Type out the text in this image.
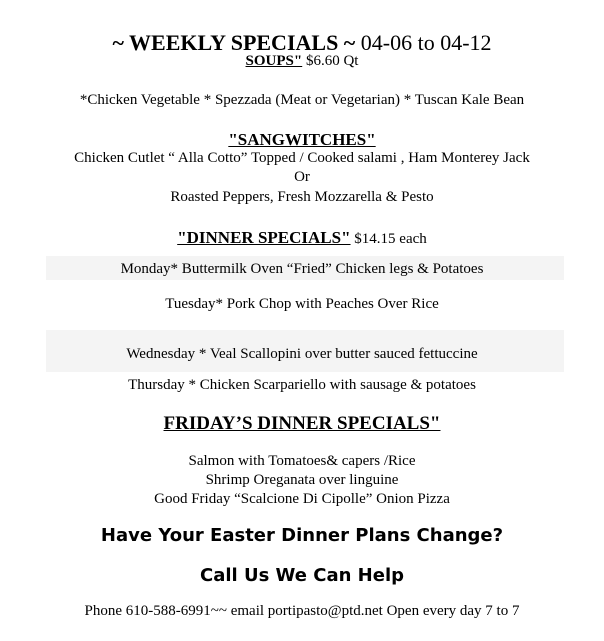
~ WEEKLY SPECIALS ~ 04-06 to 04-12
SOUPS" $6.60 Qt
*Chicken Vegetable * Spezzada (Meat or Vegetarian) * Tuscan Kale Bean
"SANGWITCHES"
Chicken Cutlet “ Alla Cotto” Topped / Cooked salami , Ham Monterey Jack
Or
Roasted Peppers, Fresh Mozzarella & Pesto
"DINNER SPECIALS" $14.15 each
Monday* Buttermilk Oven “Fried” Chicken legs & Potatoes
Tuesday* Pork Chop with Peaches Over Rice
Wednesday * Veal Scallopini over butter sauced fettuccine
Thursday * Chicken Scarpariello with sausage & potatoes
FRIDAY’S DINNER SPECIALS"
Salmon with Tomatoes& capers /Rice
Shrimp Oreganata over linguine
Good Friday “Scalcione Di Cipolle” Onion Pizza
Have Your Easter Dinner Plans Change?
Call Us We Can Help
Phone 610-588-6991~~ email portipasto@ptd.net Open every day 7 to 7
